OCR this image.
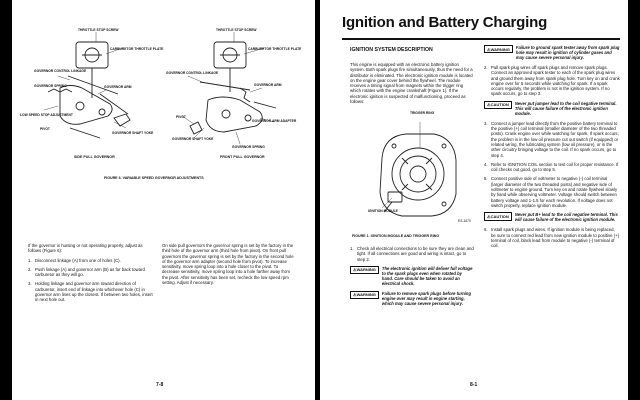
THROTTLE STOP SCREW
CARBURETOR THROTTLE PLATE
GOVERNOR CONTROL LINKAGE
GOVERNOR SPRING	GOVERNOR ARM
LOW SPEED STOP ADJUSTMENT
PIVOT
GOVERNOR SHAFT YOKE
SIDE PULL GOVERNOR
THROTTLE STOP SCREW
CARBURETOR THROTTLE PLATE
GOVERNOR CONTROL LINKAGE
GOVERNOR ARM
PIVOT
GOVERNOR ARM ADAPTER
GOVERNOR SHAFT YOKE
GOVERNOR SPRING
FRONT PULL GOVERNOR
FIGURE 6. VARIABLE SPEED GOVERNOR ADJUSTMENTS

If the governor is hunting or not operating properly, adjust as follows (Figure 6):

1. Disconnect linkage (A) from one of holes (C).
2. Push linkage (A) and governor arm (B) as far back toward carburetor as they will go.
3. Holding linkage and governor arm toward direction of carburetor, insert end of linkage into whichever hole (C) in governor arm lines up the closest. If between two holes, insert in next hole out.

On side pull governors the governor spring is set by the factory in the third hole of the governor arm (third hole from pivot). On front pull governors the governor spring is set by the factory in the second hole of the governor arm adapter (second hole from pivot). To increase sensitivity, move spring loop into a hole closer to the pivot. To decrease sensitivity, move spring loop into a hole farther away from the pivot. After sensitivity has been set, recheck the low speed rpm setting. Adjust if necessary.

7-8
Ignition and Battery Charging
IGNITION SYSTEM DESCRIPTION

This engine is equipped with an electronic battery ignition system. Both spark plugs fire simultaneously, thus the need for a distributor is eliminated. The electronic ignition module is located on the engine gear cover behind the flywheel. The module receives a timing signal from magnets within the trigger ring which rotates with the engine crankshaft (Figure 1). If the electronic ignition is suspected of malfunctioning, proceed as follows:

TRIGGER RING
IGNITION MODULE
ES-1670
FIGURE 1. IGNITION MODULE AND TRIGGER RING
1. Check all electrical connections to be sure they are clean and tight. If all connections are good and wiring is intact, go to step 2.
⚠WARNING	The electronic ignition will deliver full voltage to the spark plugs even when rotated by hand. Care should be taken to avoid an electrical shock.
⚠WARNING	Failure to remove spark plugs before turning engine over may result in engine starting, which may cause severe personal injury.
⚠WARNING	Failure to ground spark tester away from spark plug hole may result in ignition of cylinder gases and may cause severe personal injury.
2. Pull spark plug wires off spark plugs and remove spark plugs. Connect an approved spark tester to each of the spark plug wires and ground them away from spark plug hole. Turn key on and crank engine over for 5 seconds while watching for spark. If a spark occurs regularly, the problem is not in the ignition system. If no spark occurs, go to step 3.
⚠CAUTION	Never put jumper lead to the coil negative terminal. This will cause failure of the electronic ignition module.
3. Connect a jumper lead directly from the positive battery terminal to the positive (+) coil terminal (smaller diameter of the two threaded posts). Crank engine over while watching for spark. If spark occurs, the problem is in the low oil pressure cut out switch (if equipped) or related wiring, the lubricating system (low oil pressure), or in the other circuitry bringing voltage to the coil. If no spark occurs, go to step 4.
4. Refer to IGNITION COIL section to test coil for proper resistance. If coil checks out good, go to step 5.
5. Connect positive side of voltmeter to negative (-) coil terminal (larger diameter of the two threaded posts) and negative side of voltmeter to engine ground. Turn key on and rotate flywheel slowly by hand while observing voltmeter. Voltage should switch between battery voltage and 1-1.5 for each revolution. If voltage does not switch properly, replace ignition module.
⚠CAUTION	Never put B+ lead to the coil negative terminal. This will cause failure of the electronic ignition module.
6. Install spark plugs and wires. If ignition module is being replaced, be sure to connect red lead from new ignition module to positive (+) terminal of coil, black lead from module to negative (-) terminal of coil.
8-1
